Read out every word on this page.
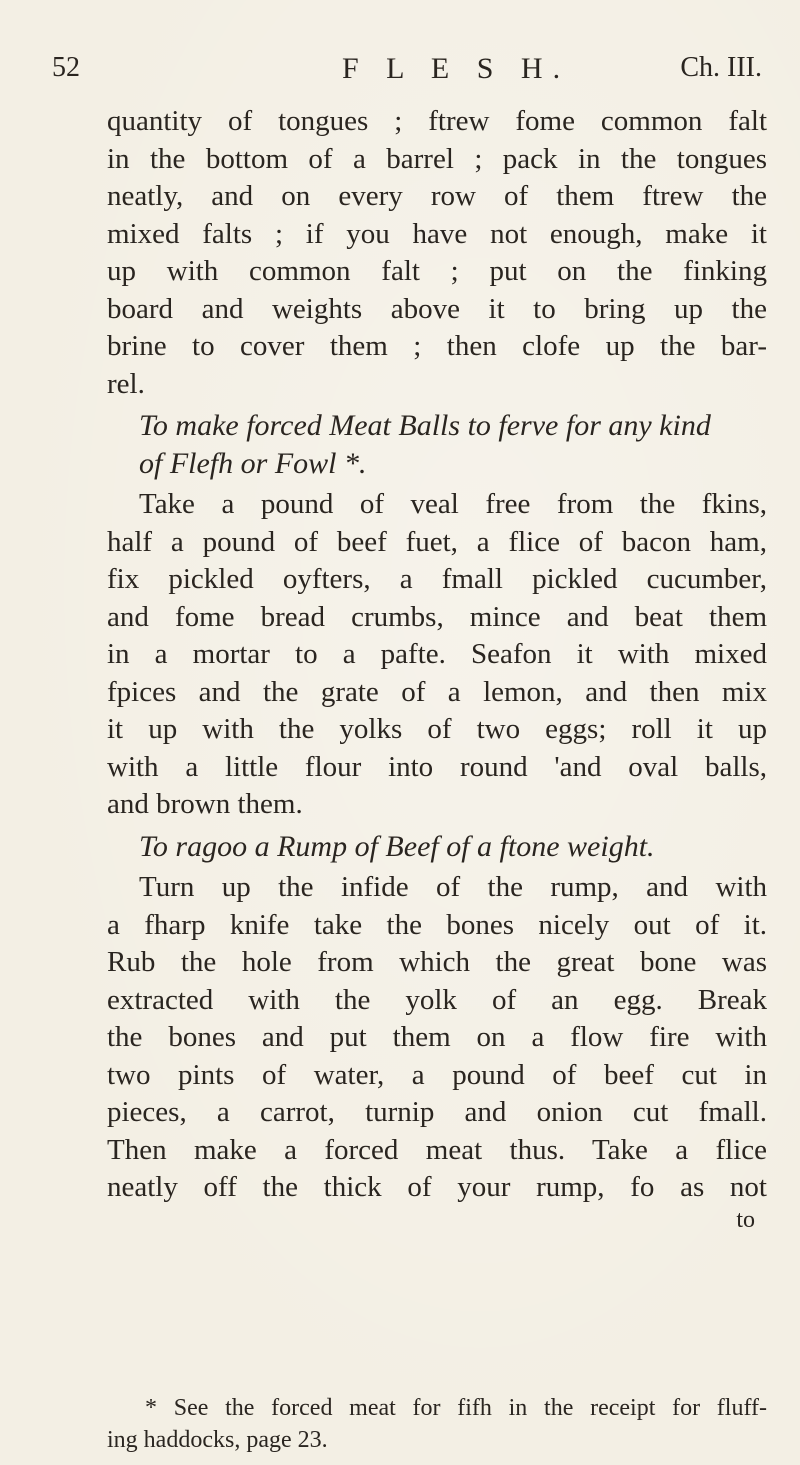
52	F L E S H.	Ch. III.
quantity of tongues ; ftrew fome common falt
in the bottom of a barrel ; pack in the tongues
neatly, and on every row of them ftrew the
mixed falts ; if you have not enough, make it
up with common falt ; put on the finking
board and weights above it to bring up the
brine to cover them ; then clofe up the bar-
rel.
To make forced Meat Balls to ferve for any kind
of Flefh or Fowl *.
Take a pound of veal free from the fkins,
half a pound of beef fuet, a flice of bacon ham,
fix pickled oyfters, a fmall pickled cucumber,
and fome bread crumbs, mince and beat them
in a mortar to a pafte. Seafon it with mixed
fpices and the grate of a lemon, and then mix
it up with the yolks of two eggs; roll it up
with a little flour into round 'and oval balls,
and brown them.
To ragoo a Rump of Beef of a ftone weight.
Turn up the infide of the rump, and with
a fharp knife take the bones nicely out of it.
Rub the hole from which the great bone was
extracted with the yolk of an egg. Break
the bones and put them on a flow fire with
two pints of water, a pound of beef cut in
pieces, a carrot, turnip and onion cut fmall.
Then make a forced meat thus. Take a flice
neatly off the thick of your rump, fo as not
to
* See the forced meat for fifh in the receipt for fluff-
ing haddocks, page 23.
